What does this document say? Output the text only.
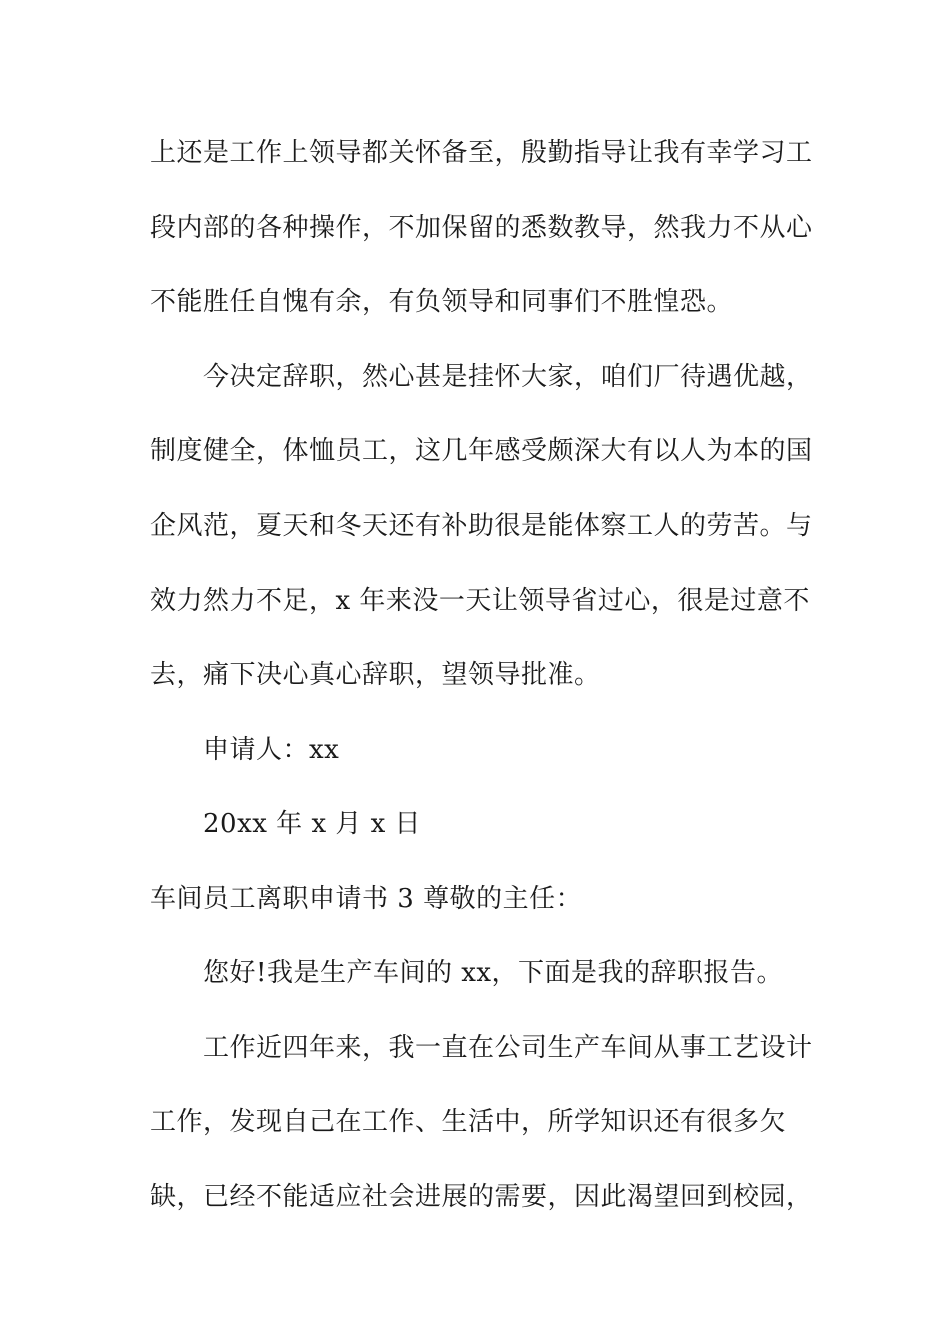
上还是工作上领导都关怀备至，殷勤指导让我有幸学习工
段内部的各种操作，不加保留的悉数教导，然我力不从心
不能胜任自愧有余，有负领导和同事们不胜惶恐。
今决定辞职，然心甚是挂怀大家，咱们厂待遇优越，
制度健全，体恤员工，这几年感受颇深大有以人为本的国
企风范，夏天和冬天还有补助很是能体察工人的劳苦。与
效力然力不足，x 年来没一天让领导省过心，很是过意不
去，痛下决心真心辞职，望领导批准。
申请人：xx
20xx 年 x 月 x 日
车间员工离职申请书 3 尊敬的主任：
您好!我是生产车间的 xx，下面是我的辞职报告。
工作近四年来，我一直在公司生产车间从事工艺设计
工作，发现自己在工作、生活中，所学知识还有很多欠
缺，已经不能适应社会进展的需要，因此渴望回到校园，
